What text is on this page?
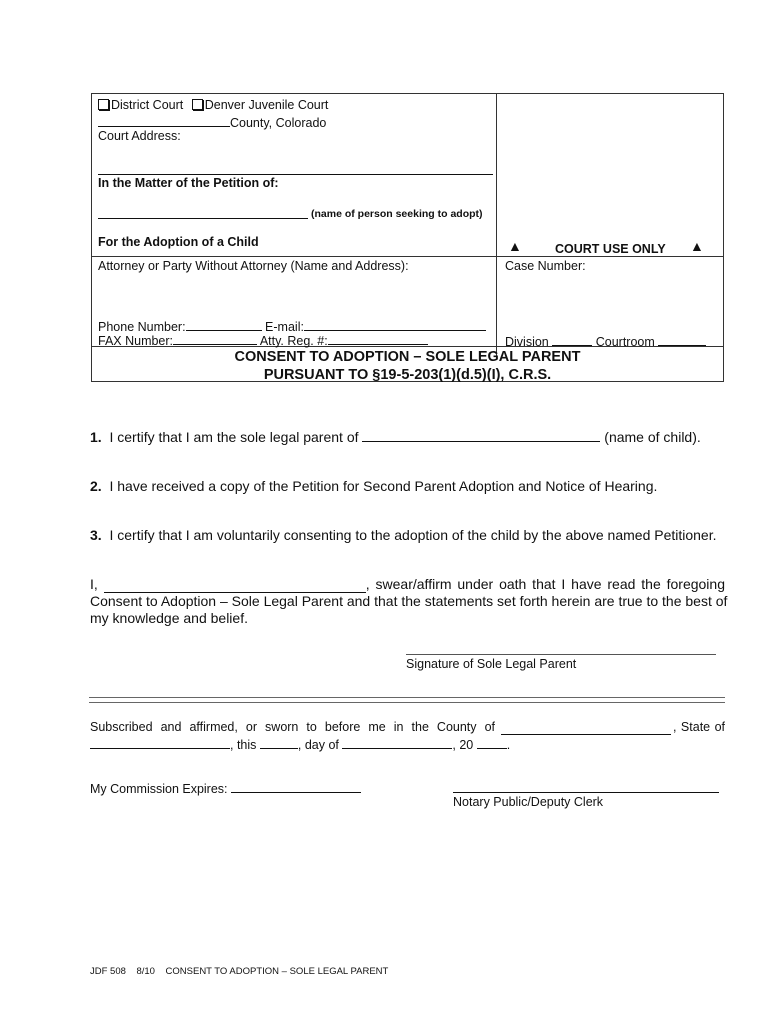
District Court Denver Juvenile Court
County, Colorado
Court Address:
In the Matter of the Petition of:
(name of person seeking to adopt)
For the Adoption of a Child
Attorney or Party Without Attorney (Name and Address):
Phone Number:	E-mail:
FAX Number:	Atty. Reg. #:
▲	COURT USE ONLY ▲
Case Number:
Division	Courtroom
CONSENT TO ADOPTION – SOLE LEGAL PARENT
PURSUANT TO §19-5-203(1)(d.5)(I), C.R.S.
1. I certify that I am the sole legal parent of	(name of child).
2. I have received a copy of the Petition for Second Parent Adoption and Notice of Hearing.
3. I certify that I am voluntarily consenting to the adoption of the child by the above named Petitioner.
I,	, swear/affirm under oath that I have read the foregoing
Consent to Adoption – Sole Legal Parent and that the statements set forth herein are true to the best of
my knowledge and belief.
Signature of Sole Legal Parent
Subscribed and affirmed, or sworn to before me in the County of	, State of
, this	, day of	, 20	.
My Commission Expires:
Notary Public/Deputy Clerk
JDF 508 8/10 CONSENT TO ADOPTION – SOLE LEGAL PARENT
